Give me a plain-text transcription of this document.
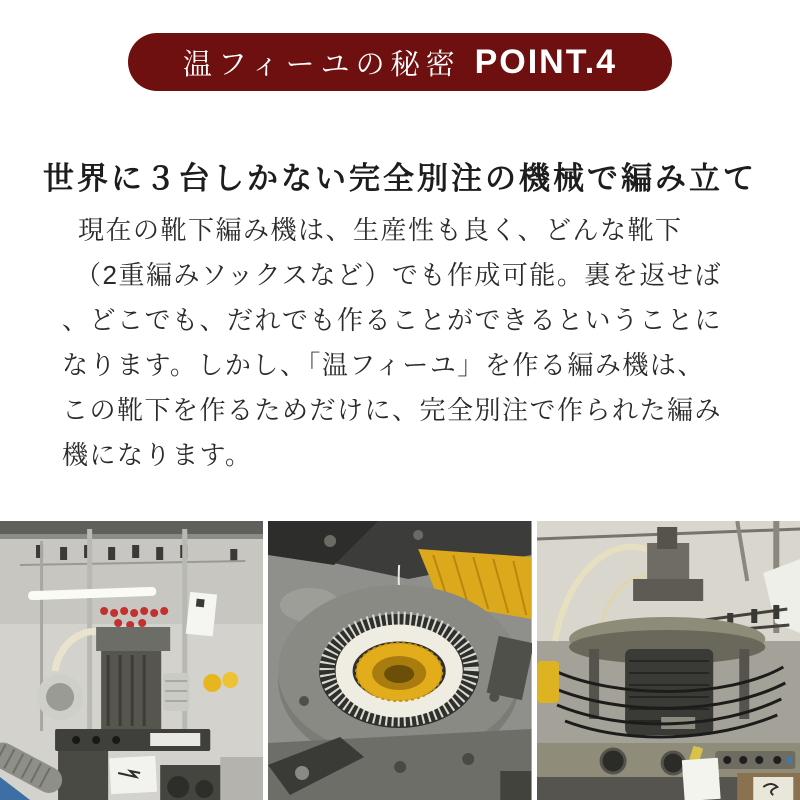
温フィーユの秘密 POINT.4
世界に３台しかない完全別注の機械で編み立て
現在の靴下編み機は、生産性も良く、どんな靴下
（2重編みソックスなど）でも作成可能。裏を返せば
、どこでも、だれでも作ることができるということに
なります。しかし、「温フィーユ」を作る編み機は、
この靴下を作るためだけに、完全別注で作られた編み
機になります。
